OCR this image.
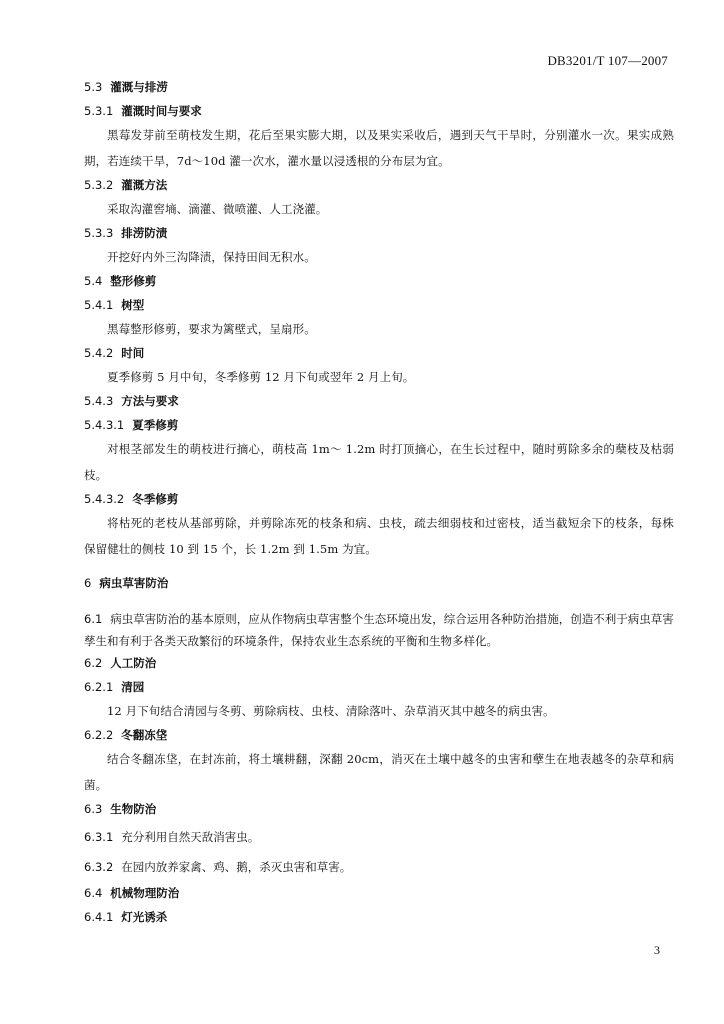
DB3201/T 107—2007
5.3 灌溉与排涝
5.3.1 灌溉时间与要求
黑莓发芽前至萌枝发生期，花后至果实膨大期，以及果实采收后，遇到天气干旱时，分别灌水一次。果实成熟期，若连续干旱，7d～10d 灌一次水，灌水量以浸透根的分布层为宜。
5.3.2 灌溉方法
采取沟灌窖墒、滴灌、微喷灌、人工浇灌。
5.3.3 排涝防渍
开挖好内外三沟降渍，保持田间无积水。
5.4 整形修剪
5.4.1 树型
黑莓整形修剪，要求为篱壁式，呈扇形。
5.4.2 时间
夏季修剪 5 月中旬，冬季修剪 12 月下旬或翌年 2 月上旬。
5.4.3 方法与要求
5.4.3.1 夏季修剪
对根茎部发生的萌枝进行摘心，萌枝高 1m～ 1.2m 时打顶摘心，在生长过程中，随时剪除多余的蘖枝及枯弱枝。
5.4.3.2 冬季修剪
将枯死的老枝从基部剪除，并剪除冻死的枝条和病、虫枝，疏去细弱枝和过密枝，适当截短余下的枝条，每株保留健壮的侧枝 10 到 15 个，长 1.2m 到 1.5m 为宜。
6 病虫草害防治
6.1 病虫草害防治的基本原则，应从作物病虫草害整个生态环境出发，综合运用各种防治措施，创造不利于病虫草害孳生和有利于各类天敌繁衍的环境条件，保持农业生态系统的平衡和生物多样化。
6.2 人工防治
6.2.1 清园
12 月下旬结合清园与冬剪、剪除病枝、虫枝、清除落叶、杂草消灭其中越冬的病虫害。
6.2.2 冬翻冻垡
结合冬翻冻垡，在封冻前，将土壤耕翻，深翻 20cm，消灭在土壤中越冬的虫害和孽生在地表越冬的杂草和病菌。
6.3 生物防治
6.3.1 充分利用自然天敌消害虫。
6.3.2 在园内放养家禽、鸡、鹅，杀灭虫害和草害。
6.4 机械物理防治
6.4.1 灯光诱杀
3
